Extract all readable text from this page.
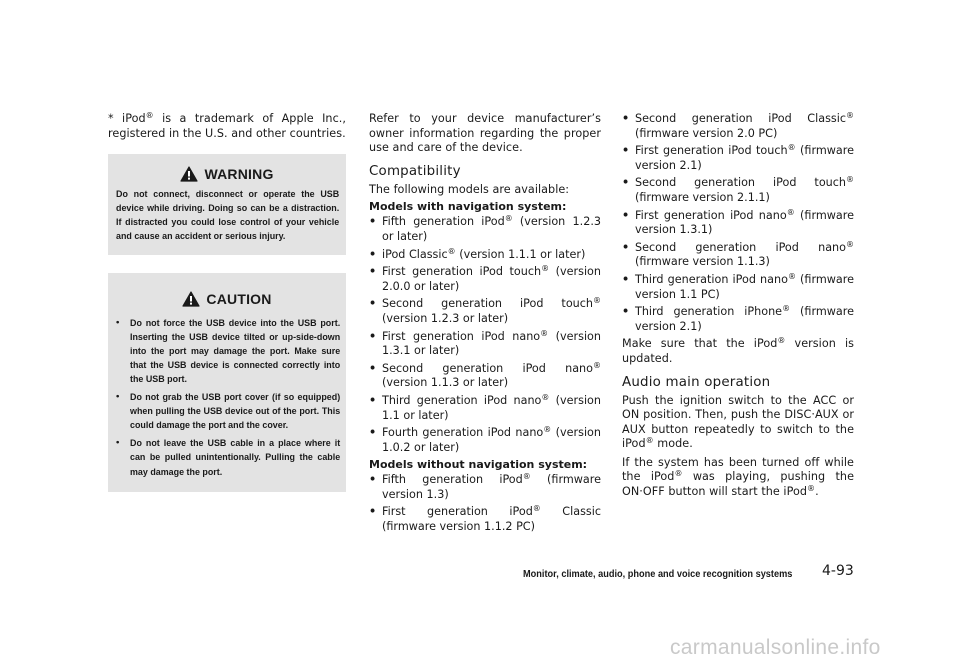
* iPod® is a trademark of Apple Inc., registered in the U.S. and other countries.

WARNING

Do not connect, disconnect or operate the USB device while driving. Doing so can be a distraction. If distracted you could lose control of your vehicle and cause an accident or serious injury.

CAUTION
• Do not force the USB device into the USB port. Inserting the USB device tilted or up-side-down into the port may damage the port. Make sure that the USB device is connected correctly into the USB port.

• Do not grab the USB port cover (if so equipped) when pulling the USB device out of the port. This could damage the port and the cover.

• Do not leave the USB cable in a place where it can be pulled unintentionally. Pulling the cable may damage the port.

Refer to your device manufacturer’s owner information regarding the proper use and care of the device.

Compatibility

The following models are available:

Models with navigation system:

• Fifth generation iPod® (version 1.2.3 or later)
• iPod Classic® (version 1.1.1 or later)
• First generation iPod touch® (version 2.0.0 or later)
• Second generation iPod touch® (version 1.2.3 or later)
• First generation iPod nano® (version 1.3.1 or later)
• Second generation iPod nano® (version 1.1.3 or later)
• Third generation iPod nano® (version 1.1 or later)
• Fourth generation iPod nano® (version 1.0.2 or later)

Models without navigation system:

• Fifth generation iPod® (firmware version 1.3)
• First generation iPod® Classic (firmware version 1.1.2 PC)
• Second generation iPod Classic® (firmware version 2.0 PC)
• First generation iPod touch® (firmware version 2.1)
• Second generation iPod touch® (firmware version 2.1.1)
• First generation iPod nano® (firmware version 1.3.1)
• Second generation iPod nano® (firmware version 1.1.3)
• Third generation iPod nano® (firmware version 1.1 PC)
• Third generation iPhone® (firmware version 2.1)

Make sure that the iPod® version is updated.

Audio main operation

Push the ignition switch to the ACC or ON position. Then, push the DISC·AUX or AUX button repeatedly to switch to the iPod® mode.

If the system has been turned off while the iPod® was playing, pushing the ON·OFF button will start the iPod®.

Monitor, climate, audio, phone and voice recognition systems 4-93
carmanualsonline.info
